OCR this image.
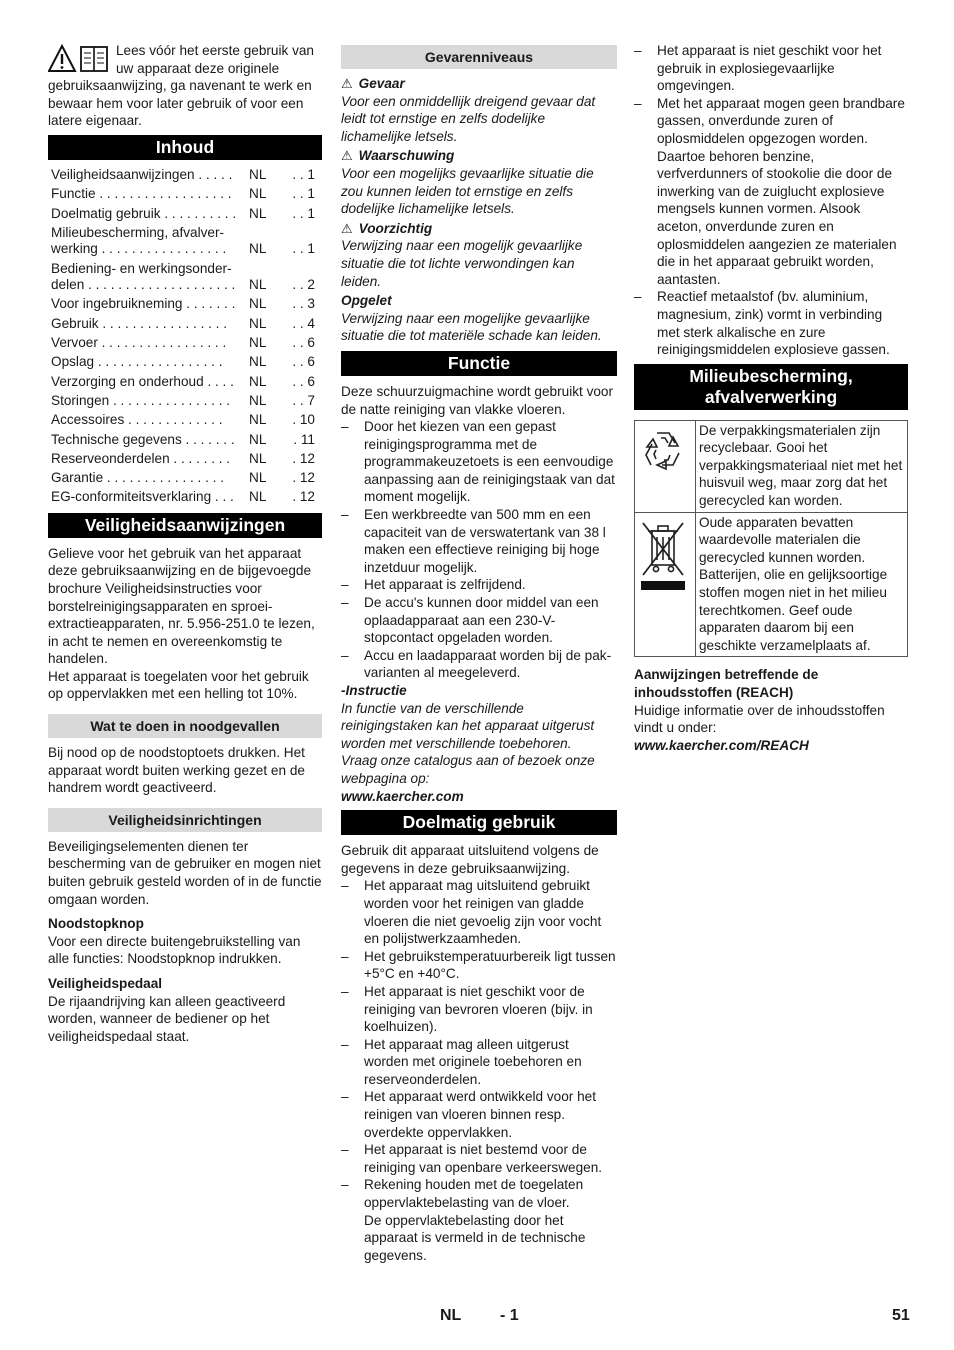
Lees vóór het eerste gebruik van uw apparaat deze originele gebruiksaanwijzing, ga navenant te werk en bewaar hem voor later gebruik of voor een latere eigenaar.

Inhoud
Veiligheidsaanwijzingen . . . . .	NL	. . 1
Functie . . . . . . . . . . . . . . . . . .	NL	. . 1
Doelmatig gebruik . . . . . . . . . .	NL	. . 1
Milieubescherming, afvalver- werking . . . . . . . . . . . . . . . . .	NL	. . 1
Bediening- en werkingsonder- delen . . . . . . . . . . . . . . . . . . . .	NL	. . 2
Voor ingebruikneming . . . . . . .	NL	. . 3
Gebruik . . . . . . . . . . . . . . . . .	NL	. . 4
Vervoer . . . . . . . . . . . . . . . . .	NL	. . 6
Opslag . . . . . . . . . . . . . . . . .	NL	. . 6
Verzorging en onderhoud . . . .	NL	. . 6
Storingen . . . . . . . . . . . . . . . .	NL	. . 7
Accessoires . . . . . . . . . . . . .	NL	. 10
Technische gegevens . . . . . . .	NL	. 11
Reserveonderdelen . . . . . . . .	NL	. 12
Garantie . . . . . . . . . . . . . . . .	NL	. 12
EG-conformiteitsverklaring . . .	NL	. 12
Veiligheidsaanwijzingen

Gelieve voor het gebruik van het apparaat deze gebruiksaanwijzing en de bijgevoegde brochure Veiligheidsinstructies voor borstelreinigingsapparaten en sproei-extractieapparaten, nr. 5.956-251.0 te lezen, in acht te nemen en overeenkomstig te handelen.

Het apparaat is toegelaten voor het gebruik op oppervlakken met een helling tot 10%.

Wat te doen in noodgevallen

Bij nood op de noodstoptoets drukken. Het apparaat wordt buiten werking gezet en de handrem wordt geactiveerd.

Veiligheidsinrichtingen

Beveiligingselementen dienen ter bescherming van de gebruiker en mogen niet buiten gebruik gesteld worden of in de functie omgaan worden.

Noodstopknop

Voor een directe buitengebruikstelling van alle functies: Noodstopknop indrukken.

Veiligheidspedaal

De rijaandrijving kan alleen geactiveerd worden, wanneer de bediener op het veiligheidspedaal staat.

Gevarenniveaus

⚠ Gevaar

Voor een onmiddellijk dreigend gevaar dat leidt tot ernstige en zelfs dodelijke lichamelijke letsels.

⚠ Waarschuwing

Voor een mogelijks gevaarlijke situatie die zou kunnen leiden tot ernstige en zelfs dodelijke lichamelijke letsels.

⚠ Voorzichtig

Verwijzing naar een mogelijk gevaarlijke situatie die tot lichte verwondingen kan leiden.

Opgelet

Verwijzing naar een mogelijke gevaarlijke situatie die tot materiële schade kan leiden.

Functie

Deze schuurzuigmachine wordt gebruikt voor de natte reiniging van vlakke vloeren.

– Door het kiezen van een gepast reinigingsprogramma met de programmakeuzetoets is een eenvoudige aanpassing aan de reinigingstaak van dat moment mogelijk.
– Een werkbreedte van 500 mm en een capaciteit van de verswatertank van 38 l maken een effectieve reiniging bij hoge inzetduur mogelijk.
– Het apparaat is zelfrijdend.
– De accu's kunnen door middel van een oplaadapparaat aan een 230-V-stopcontact opgeladen worden.
– Accu en laadapparaat worden bij de pak-varianten al meegeleverd.

-Instructie

In functie van de verschillende reinigingstaken kan het apparaat uitgerust worden met verschillende toebehoren.

Vraag onze catalogus aan of bezoek onze webpagina op:

www.kaercher.com

Doelmatig gebruik

Gebruik dit apparaat uitsluitend volgens de gegevens in deze gebruiksaanwijzing.

– Het apparaat mag uitsluitend gebruikt worden voor het reinigen van gladde vloeren die niet gevoelig zijn voor vocht en polijstwerkzaamheden.
– Het gebruikstemperatuurbereik ligt tussen +5°C en +40°C.
– Het apparaat is niet geschikt voor de reiniging van bevroren vloeren (bijv. in koelhuizen).
– Het apparaat mag alleen uitgerust worden met originele toebehoren en reserveonderdelen.
– Het apparaat werd ontwikkeld voor het reinigen van vloeren binnen resp. overdekte oppervlakken.
– Het apparaat is niet bestemd voor de reiniging van openbare verkeerswegen.
– Rekening houden met de toegelaten oppervlaktebelasting van de vloer.

De oppervlaktebelasting door het apparaat is vermeld in de technische gegevens.

– Het apparaat is niet geschikt voor het gebruik in explosiegevaarlijke omgevingen.
– Met het apparaat mogen geen brandbare gassen, onverdunde zuren of oplosmiddelen opgezogen worden. Daartoe behoren benzine, verfverdunners of stookolie die door de inwerking van de zuiglucht explosieve mengsels kunnen vormen. Alsook aceton, onverdunde zuren en oplosmiddelen aangezien ze materialen die in het apparaat gebruikt worden, aantasten.
– Reactief metaalstof (bv. aluminium, magnesium, zink) vormt in verbinding met sterk alkalische en zure reinigingsmiddelen explosieve gassen.
Milieubescherming, afvalverwerking
	De verpakkingsmaterialen zijn recyclebaar. Gooi het verpakkingsmateriaal niet met het huisvuil weg, maar zorg dat het gerecycled kan worden.
	Oude apparaten bevatten waardevolle materialen die gerecycled kunnen worden. Batterijen, olie en gelijksoortige stoffen mogen niet in het milieu terechtkomen. Geef oude apparaten daarom bij een geschikte verzamelplaats af.

Aanwijzingen betreffende de inhoudsstoffen (REACH)

Huidige informatie over de inhoudsstoffen vindt u onder:

www.kaercher.com/REACH

NL - 1	51
